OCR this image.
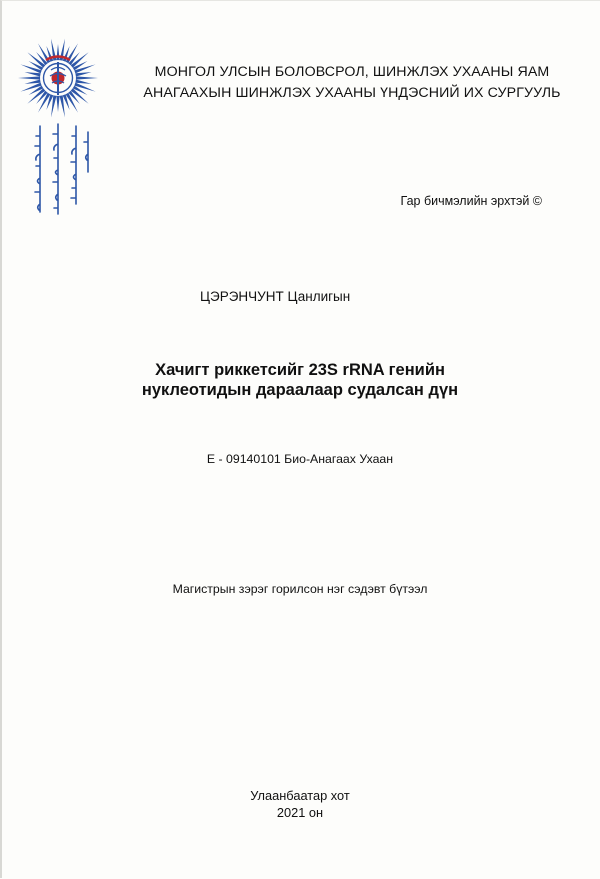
МОНГОЛ УЛСЫН БОЛОВСРОЛ, ШИНЖЛЭХ УХААНЫ ЯАМ
АНАГААХЫН ШИНЖЛЭХ УХААНЫ ҮНДЭСНИЙ ИХ СУРГУУЛЬ
Гар бичмэлийн эрхтэй ©
ЦЭРЭНЧУНТ Цанлигын
Хачигт риккетсийг 23S rRNA генийн
нуклеотидын дараалаар судалсан дүн
E - 09140101 Био-Анагаах Ухаан
Магистрын зэрэг горилсон нэг сэдэвт бүтээл
Улаанбаатар хот
2021 он
